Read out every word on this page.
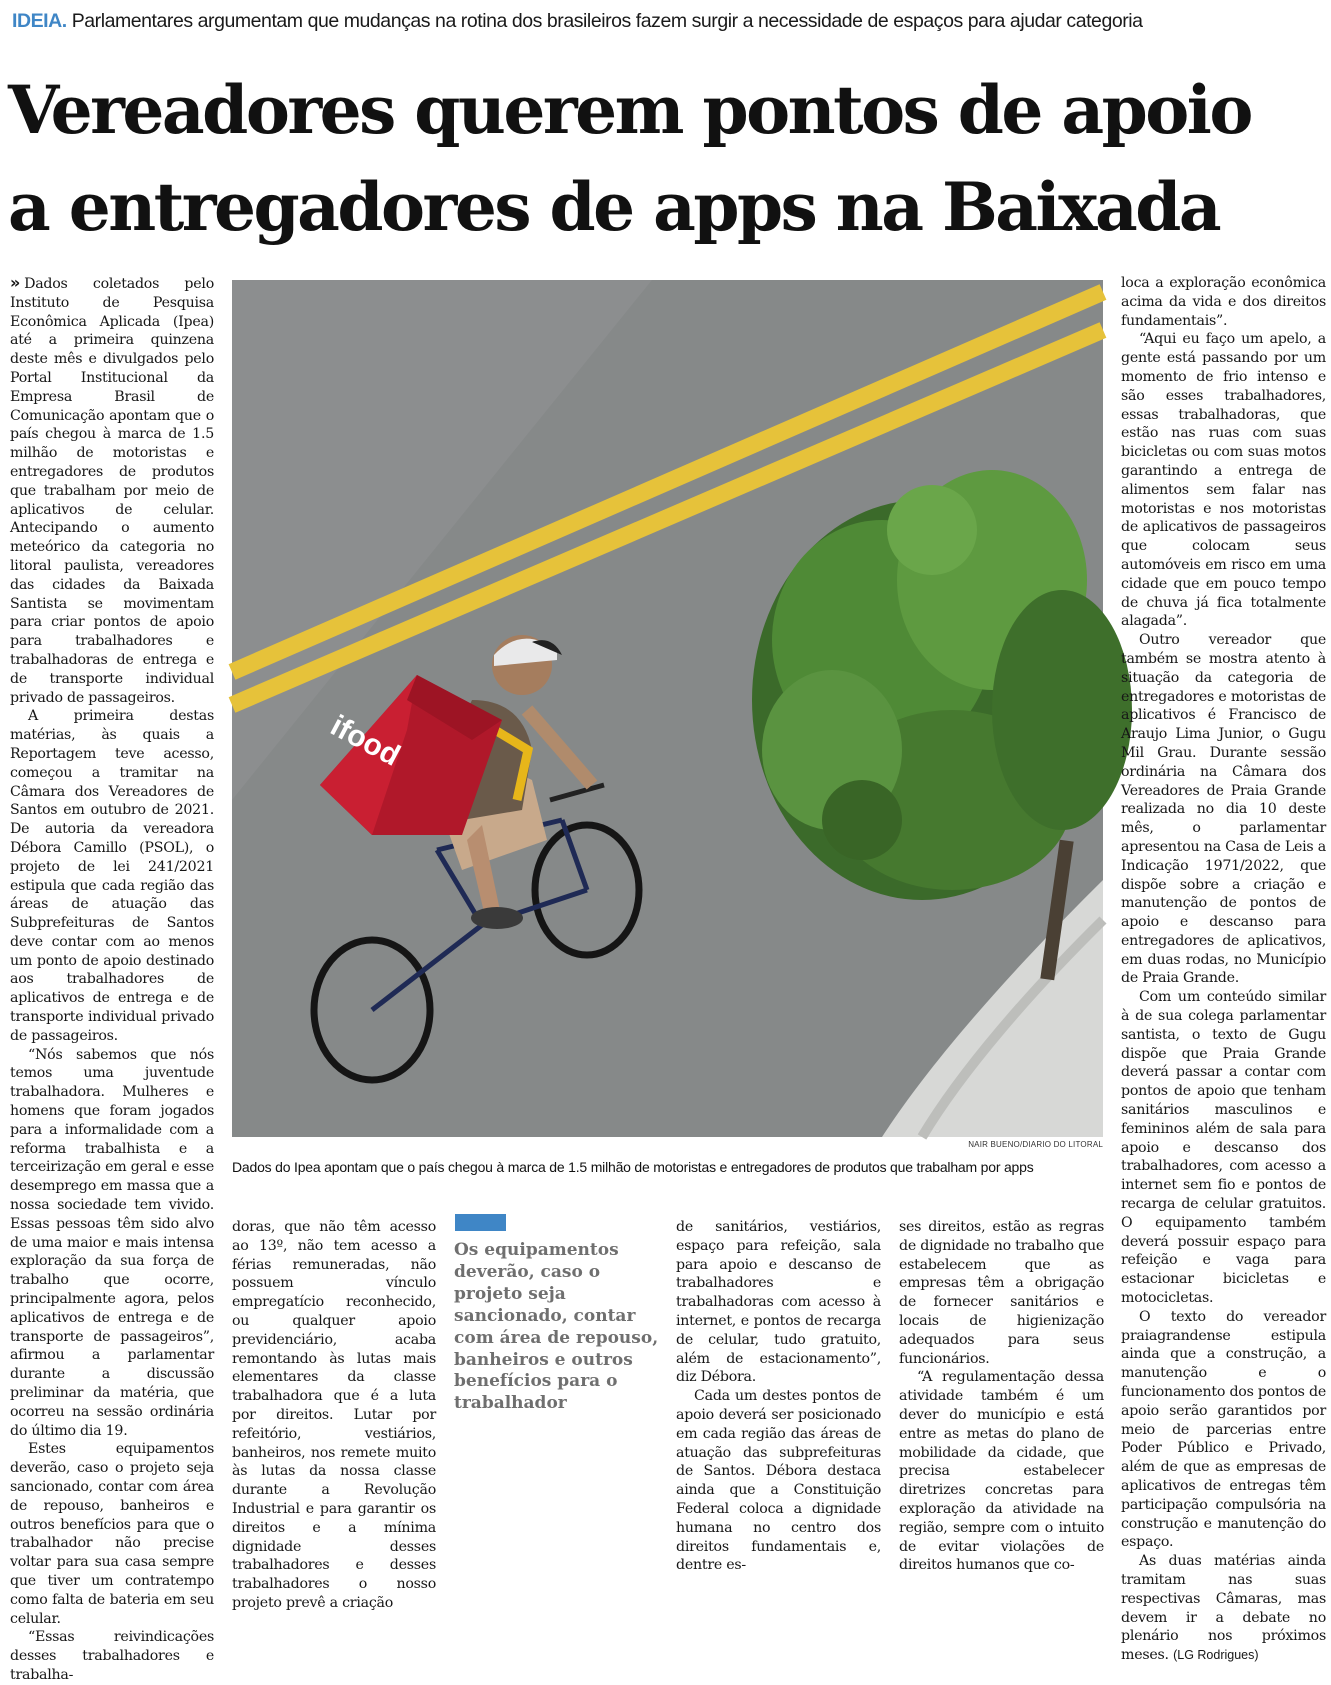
IDEIA. Parlamentares argumentam que mudanças na rotina dos brasileiros fazem surgir a necessidade de espaços para ajudar categoria
Vereadores querem pontos de apoio
a entregadores de apps na Baixada

» Dados coletados pelo Instituto de Pesquisa Econômica Aplicada (Ipea) até a primeira quinzena deste mês e divulgados pelo Portal Institucional da Empresa Brasil de Comunicação apontam que o país chegou à marca de 1.5 milhão de motoristas e entregadores de produtos que trabalham por meio de aplicativos de celular. Antecipando o aumento meteórico da categoria no litoral paulista, vereadores das cidades da Baixada Santista se movimentam para criar pontos de apoio para trabalhadores e trabalhadoras de entrega e de transporte individual privado de passageiros.

A primeira destas matérias, às quais a Reportagem teve acesso, começou a tramitar na Câmara dos Vereadores de Santos em outubro de 2021. De autoria da vereadora Débora Camillo (PSOL), o projeto de lei 241/2021 estipula que cada região das áreas de atuação das Subprefeituras de Santos deve contar com ao menos um ponto de apoio destinado aos trabalhadores de aplicativos de entrega e de transporte individual privado de passageiros.

“Nós sabemos que nós temos uma juventude trabalhadora. Mulheres e homens que foram jogados para a informalidade com a reforma trabalhista e a terceirização em geral e esse desemprego em massa que a nossa sociedade tem vivido. Essas pessoas têm sido alvo de uma maior e mais intensa exploração da sua força de trabalho que ocorre, principalmente agora, pelos aplicativos de entrega e de transporte de passageiros”, afirmou a parlamentar durante a discussão preliminar da matéria, que ocorreu na sessão ordinária do último dia 19.

Estes equipamentos deverão, caso o projeto seja sancionado, contar com área de repouso, banheiros e outros benefícios para que o trabalhador não precise voltar para sua casa sempre que tiver um contratempo como falta de bateria em seu celular.

“Essas reivindicações desses trabalhadores e trabalha-

ifood
NAIR BUENO/DIARIO DO LITORAL
Dados do Ipea apontam que o país chegou à marca de 1.5 milhão de motoristas e entregadores de produtos que trabalham por apps

doras, que não têm acesso ao 13º, não tem acesso a férias remuneradas, não possuem vínculo empregatício reconhecido, ou qualquer apoio previdenciário, acaba remontando às lutas mais elementares da classe trabalhadora que é a luta por direitos. Lutar por refeitório, vestiários, banheiros, nos remete muito às lutas da nossa classe durante a Revolução Industrial e para garantir os direitos e a mínima dignidade desses trabalhadores e desses trabalhadores o nosso projeto prevê a criação

Os equipamentos deverão, caso o projeto seja sancionado, contar com área de repouso, banheiros e outros benefícios para o trabalhador

de sanitários, vestiários, espaço para refeição, sala para apoio e descanso de trabalhadores e trabalhadoras com acesso à internet, e pontos de recarga de celular, tudo gratuito, além de estacionamento”, diz Débora.

Cada um destes pontos de apoio deverá ser posicionado em cada região das áreas de atuação das subprefeituras de Santos. Débora destaca ainda que a Constituição Federal coloca a dignidade humana no centro dos direitos fundamentais e, dentre es-

ses direitos, estão as regras de dignidade no trabalho que estabelecem que as empresas têm a obrigação de fornecer sanitários e locais de higienização adequados para seus funcionários.

“A regulamentação dessa atividade também é um dever do município e está entre as metas do plano de mobilidade da cidade, que precisa estabelecer diretrizes concretas para exploração da atividade na região, sempre com o intuito de evitar violações de direitos humanos que co-

loca a exploração econômica acima da vida e dos direitos fundamentais”.

“Aqui eu faço um apelo, a gente está passando por um momento de frio intenso e são esses trabalhadores, essas trabalhadoras, que estão nas ruas com suas bicicletas ou com suas motos garantindo a entrega de alimentos sem falar nas motoristas e nos motoristas de aplicativos de passageiros que colocam seus automóveis em risco em uma cidade que em pouco tempo de chuva já fica totalmente alagada”.

Outro vereador que também se mostra atento à situação da categoria de entregadores e motoristas de aplicativos é Francisco de Araujo Lima Junior, o Gugu Mil Grau. Durante sessão ordinária na Câmara dos Vereadores de Praia Grande realizada no dia 10 deste mês, o parlamentar apresentou na Casa de Leis a Indicação 1971/2022, que dispõe sobre a criação e manutenção de pontos de apoio e descanso para entregadores de aplicativos, em duas rodas, no Município de Praia Grande.

Com um conteúdo similar à de sua colega parlamentar santista, o texto de Gugu dispõe que Praia Grande deverá passar a contar com pontos de apoio que tenham sanitários masculinos e femininos além de sala para apoio e descanso dos trabalhadores, com acesso a internet sem fio e pontos de recarga de celular gratuitos. O equipamento também deverá possuir espaço para refeição e vaga para estacionar bicicletas e motocicletas.

O texto do vereador praiagrandense estipula ainda que a construção, a manutenção e o funcionamento dos pontos de apoio serão garantidos por meio de parcerias entre Poder Público e Privado, além de que as empresas de aplicativos de entregas têm participação compulsória na construção e manutenção do espaço.

As duas matérias ainda tramitam nas suas respectivas Câmaras, mas devem ir a debate no plenário nos próximos meses. (LG Rodrigues)
